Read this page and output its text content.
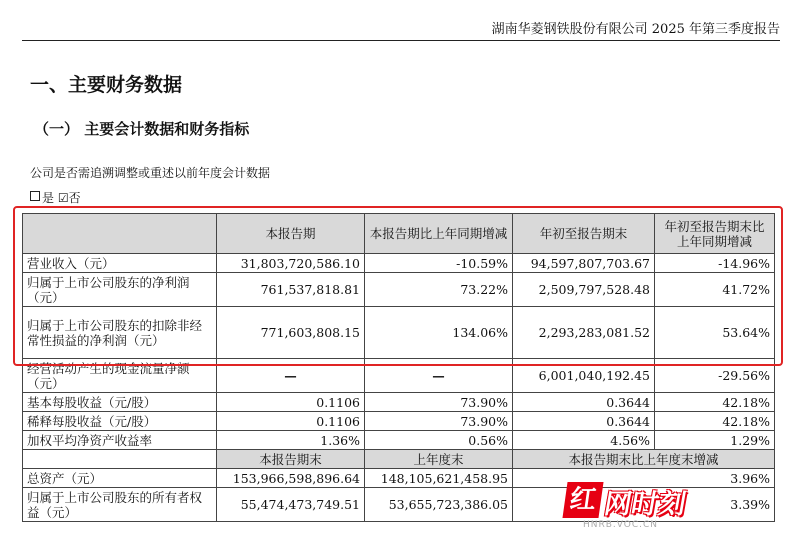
湖南华菱钢铁股份有限公司 2025 年第三季度报告
一、主要财务数据
（一） 主要会计数据和财务指标
公司是否需追溯调整或重述以前年度会计数据
是 ☑否
	本报告期	本报告期比上年同期增减	年初至报告期末	年初至报告期末比上年同期增减
营业收入（元）	31,803,720,586.10	-10.59%	94,597,807,703.67	-14.96%
归属于上市公司股东的净利润（元）	761,537,818.81	73.22%	2,509,797,528.48	41.72%
归属于上市公司股东的扣除非经常性损益的净利润（元）	771,603,808.15	134.06%	2,293,283,081.52	53.64%
经营活动产生的现金流量净额（元）	—	—	6,001,040,192.45	-29.56%
基本每股收益（元/股）	0.1106	73.90%	0.3644	42.18%
稀释每股收益（元/股）	0.1106	73.90%	0.3644	42.18%
加权平均净资产收益率	1.36%	0.56%	4.56%	1.29%
	本报告期末	上年度末	本报告期末比上年度末增减	
总资产（元）	153,966,598,896.64	148,105,621,458.95	3.96%	
归属于上市公司股东的所有者权益（元）	55,474,473,749.51	53,655,723,386.05	3.39%	
红 网时刻
HNRB.VOC.CN
